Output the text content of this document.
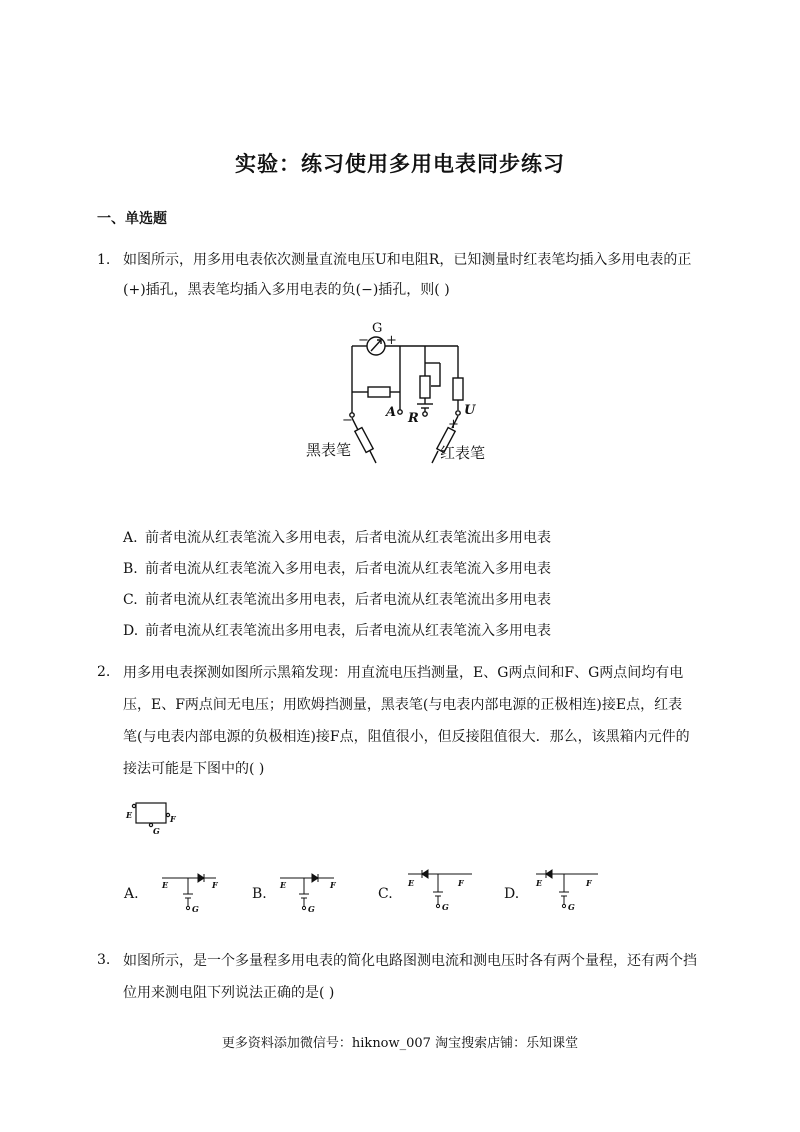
实验：练习使用多用电表同步练习
一、单选题
1. 如图所示，用多用电表依次测量直流电压U和电阻R，已知测量时红表笔均插入多用电表的正
(+)插孔，黑表笔均插入多用电表的负(−)插孔，则( )
G
+
−
A R
U
−	+
黑表笔	红表笔
A. 前者电流从红表笔流入多用电表，后者电流从红表笔流出多用电表
B. 前者电流从红表笔流入多用电表，后者电流从红表笔流入多用电表
C. 前者电流从红表笔流出多用电表，后者电流从红表笔流出多用电表
D. 前者电流从红表笔流出多用电表，后者电流从红表笔流入多用电表
2. 用多用电表探测如图所示黑箱发现：用直流电压挡测量，E、G两点间和F、G两点间均有电
压，E、F两点间无电压；用欧姆挡测量，黑表笔(与电表内部电源的正极相连)接E点，红表
笔(与电表内部电源的负极相连)接F点，阻值很小，但反接阻值很大．那么，该黑箱内元件的
接法可能是下图中的( )
E	F
G
A.
E	F
G
B.
E	F
G
C.
E	F
G
D.
E	F
G
3. 如图所示，是一个多量程多用电表的简化电路图测电流和测电压时各有两个量程，还有两个挡
位用来测电阻下列说法正确的是( )
更多资料添加微信号：hiknow_007 淘宝搜索店铺：乐知课堂
